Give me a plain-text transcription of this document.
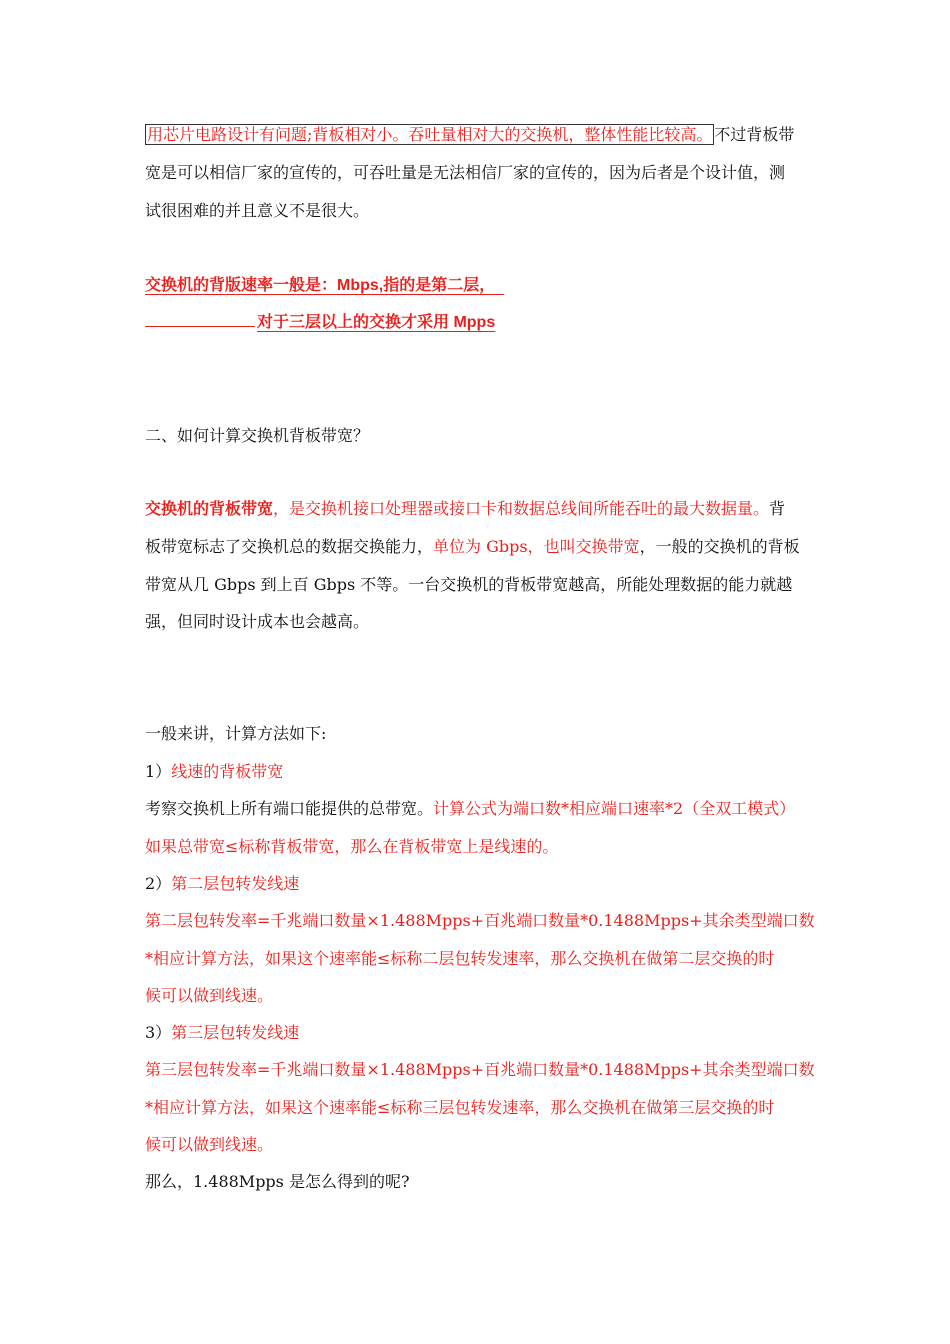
用芯片电路设计有问题;背板相对小。吞吐量相对大的交换机，整体性能比较高。 不过背板带
宽是可以相信厂家的宣传的，可吞吐量是无法相信厂家的宣传的，因为后者是个设计值，测
试很困难的并且意义不是很大。
交换机的背版速率一般是：Mbps,指的是第二层，
对于三层以上的交换才采用 Mpps
二、如何计算交换机背板带宽？
交换机的背板带宽，是交换机接口处理器或接口卡和数据总线间所能吞吐的最大数据量。背
板带宽标志了交换机总的数据交换能力，单位为 Gbps，也叫交换带宽，一般的交换机的背板
带宽从几 Gbps 到上百 Gbps 不等。一台交换机的背板带宽越高，所能处理数据的能力就越
强，但同时设计成本也会越高。
一般来讲，计算方法如下:
1）线速的背板带宽
考察交换机上所有端口能提供的总带宽。计算公式为端口数*相应端口速率*2（全双工模式）
如果总带宽≤标称背板带宽，那么在背板带宽上是线速的。
2）第二层包转发线速
第二层包转发率=千兆端口数量×1.488Mpps+百兆端口数量*0.1488Mpps+其余类型端口数
*相应计算方法，如果这个速率能≤标称二层包转发速率，那么交换机在做第二层交换的时
候可以做到线速。
3）第三层包转发线速
第三层包转发率=千兆端口数量×1.488Mpps+百兆端口数量*0.1488Mpps+其余类型端口数
*相应计算方法，如果这个速率能≤标称三层包转发速率，那么交换机在做第三层交换的时
候可以做到线速。
那么，1.488Mpps 是怎么得到的呢?
